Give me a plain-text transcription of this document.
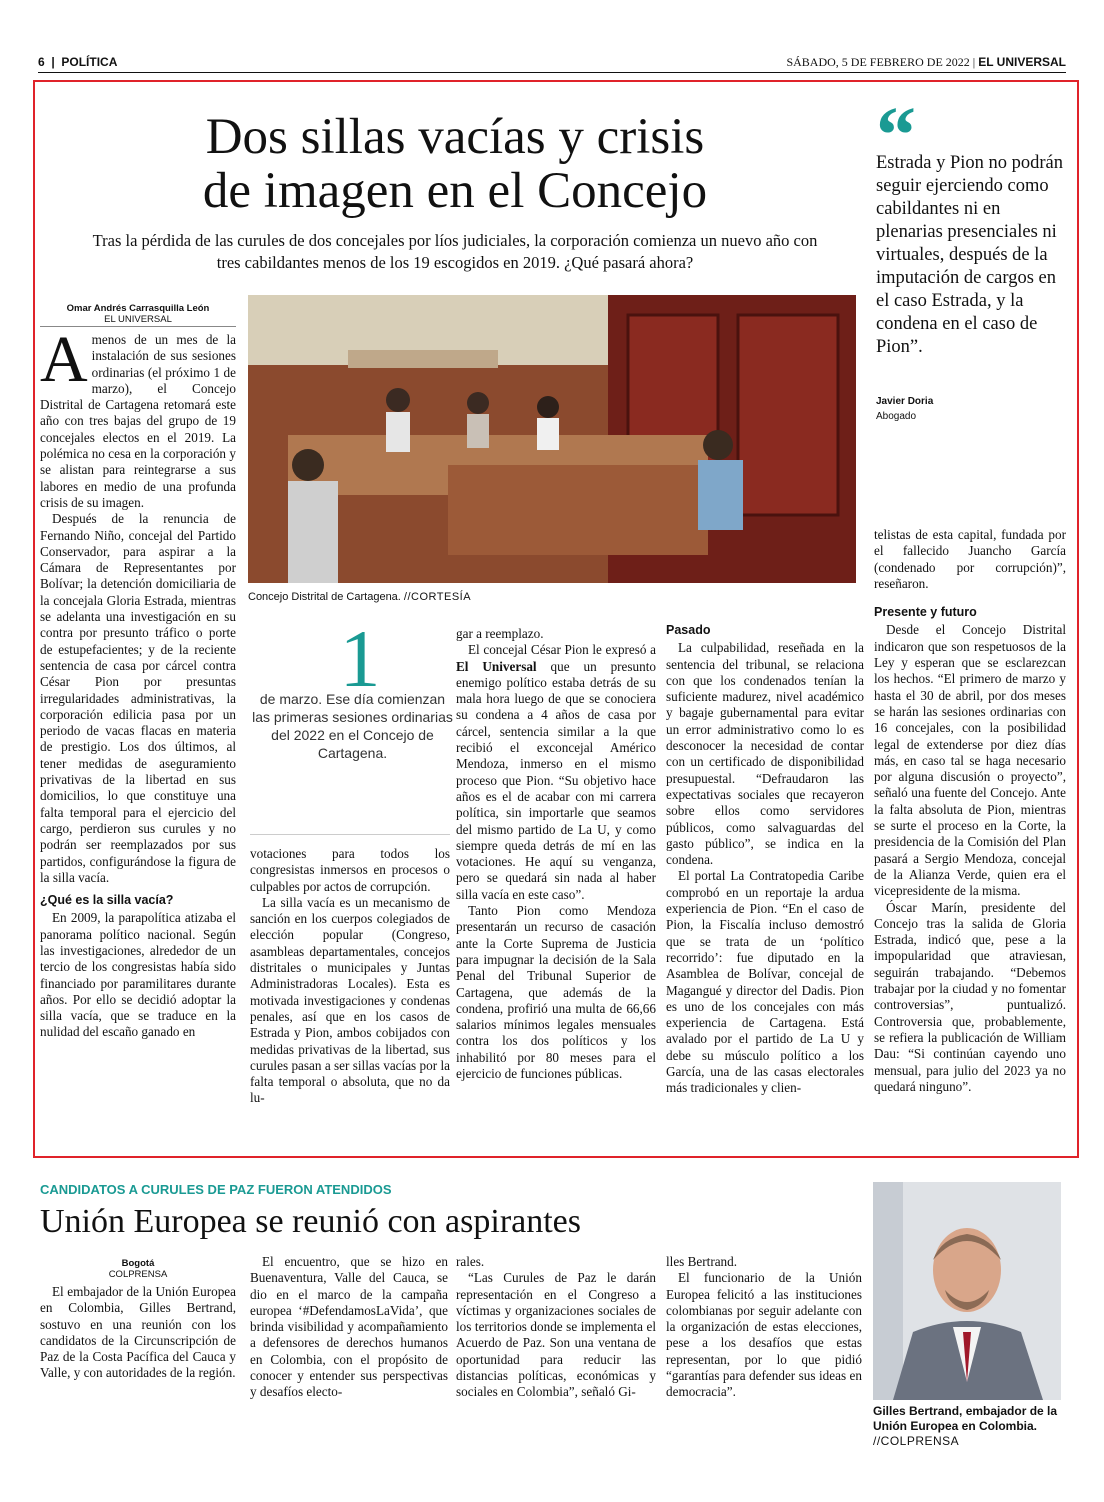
6  |  POLÍTICA	SÁBADO, 5 DE FEBRERO DE 2022 | EL UNIVERSAL
Dos sillas vacías y crisis
de imagen en el Concejo
Tras la pérdida de las curules de dos concejales por líos judiciales, la corporación comienza un nuevo año con tres cabildantes menos de los 19 escogidos en 2019. ¿Qué pasará ahora?
“
Estrada y Pion no podrán seguir ejerciendo como cabildantes ni en plenarias presenciales ni virtuales, después de la imputación de cargos en el caso Estrada, y la condena en el caso de Pion”.
Javier Doria
Abogado
Omar Andrés Carrasquilla León
EL UNIVERSAL

Amenos de un mes de la instalación de sus sesiones ordinarias (el próximo 1 de marzo), el Concejo Distrital de Cartagena retomará este año con tres bajas del grupo de 19 concejales electos en el 2019. La polémica no cesa en la corporación y se alistan para reintegrarse a sus labores en medio de una profunda crisis de su imagen.

Después de la renuncia de Fernando Niño, concejal del Partido Conservador, para aspirar a la Cámara de Representantes por Bolívar; la detención domiciliaria de la concejala Gloria Estrada, mientras se adelanta una investigación en su contra por presunto tráfico o porte de estupefacientes; y de la reciente sentencia de casa por cárcel contra César Pion por presuntas irregularidades administrativas, la corporación edilicia pasa por un periodo de vacas flacas en materia de prestigio. Los dos últimos, al tener medidas de aseguramiento privativas de la libertad en sus domicilios, lo que constituye una falta temporal para el ejercicio del cargo, perdieron sus curules y no podrán ser reemplazados por sus partidos, configurándose la figura de la silla vacía.

¿Qué es la silla vacía?

En 2009, la parapolítica atizaba el panorama político nacional. Según las investigaciones, alrededor de un tercio de los congresistas había sido financiado por paramilitares durante años. Por ello se decidió adoptar la silla vacía, que se traduce en la nulidad del escaño ganado en

Concejo Distrital de Cartagena. //CORTESÍA
1
de marzo. Ese día comienzan las primeras sesiones ordinarias del 2022 en el Concejo de Cartagena.

votaciones para todos los congresistas inmersos en procesos o culpables por actos de corrupción.

La silla vacía es un mecanismo de sanción en los cuerpos colegiados de elección popular (Congreso, asambleas departamentales, concejos distritales o municipales y Juntas Administradoras Locales). Esta es motivada investigaciones y condenas penales, así que en los casos de Estrada y Pion, ambos cobijados con medidas privativas de la libertad, sus curules pasan a ser sillas vacías por la falta temporal o absoluta, que no da lu-

gar a reemplazo.

El concejal César Pion le expresó a El Universal que un presunto enemigo político estaba detrás de su mala hora luego de que se conociera su condena a 4 años de casa por cárcel, sentencia similar a la que recibió el exconcejal Américo Mendoza, inmerso en el mismo proceso que Pion. “Su objetivo hace años es el de acabar con mi carrera política, sin importarle que seamos del mismo partido de La U, y como siempre queda detrás de mí en las votaciones. He aquí su venganza, pero se quedará sin nada al haber silla vacía en este caso”.

Tanto Pion como Mendoza presentarán un recurso de casación ante la Corte Suprema de Justicia para impugnar la decisión de la Sala Penal del Tribunal Superior de Cartagena, que además de la condena, profirió una multa de 66,66 salarios mínimos legales mensuales contra los dos políticos y los inhabilitó por 80 meses para el ejercicio de funciones públicas.

Pasado

La culpabilidad, reseñada en la sentencia del tribunal, se relaciona con que los condenados tenían la suficiente madurez, nivel académico y bagaje gubernamental para evitar un error administrativo como lo es desconocer la necesidad de contar con un certificado de disponibilidad presupuestal. “Defraudaron las expectativas sociales que recayeron sobre ellos como servidores públicos, como salvaguardas del gasto público”, se indica en la condena.

El portal La Contratopedia Caribe comprobó en un reportaje la ardua experiencia de Pion. “En el caso de Pion, la Fiscalía incluso demostró que se trata de un ‘político recorrido’: fue diputado en la Asamblea de Bolívar, concejal de Magangué y director del Dadis. Pion es uno de los concejales con más experiencia de Cartagena. Está avalado por el partido de La U y debe su músculo político a los García, una de las casas electorales más tradicionales y clien-

telistas de esta capital, fundada por el fallecido Juancho García (condenado por corrupción)”, reseñaron.

Presente y futuro

Desde el Concejo Distrital indicaron que son respetuosos de la Ley y esperan que se esclarezcan los hechos. “El primero de marzo y hasta el 30 de abril, por dos meses se harán las sesiones ordinarias con 16 concejales, con la posibilidad legal de extenderse por diez días más, en caso tal se haga necesario por alguna discusión o proyecto”, señaló una fuente del Concejo. Ante la falta absoluta de Pion, mientras se surte el proceso en la Corte, la presidencia de la Comisión del Plan pasará a Sergio Mendoza, concejal de la Alianza Verde, quien era el vicepresidente de la misma.

Óscar Marín, presidente del Concejo tras la salida de Gloria Estrada, indicó que, pese a la impopularidad que atraviesan, seguirán trabajando. “Debemos trabajar por la ciudad y no fomentar controversias”, puntualizó. Controversia que, probablemente, se refiera la publicación de William Dau: “Si continúan cayendo uno mensual, para julio del 2023 ya no quedará ninguno”.

CANDIDATOS A CURULES DE PAZ FUERON ATENDIDOS
Unión Europea se reunió con aspirantes
Bogotá
COLPRENSA

El embajador de la Unión Europea en Colombia, Gilles Bertrand, sostuvo en una reunión con los candidatos de la Circunscripción de Paz de la Costa Pacífica del Cauca y Valle, y con autoridades de la región.

El encuentro, que se hizo en Buenaventura, Valle del Cauca, se dio en el marco de la campaña europea ‘#DefendamosLaVida’, que brinda visibilidad y acompañamiento a defensores de derechos humanos en Colombia, con el propósito de conocer y entender sus perspectivas y desafíos electo-

rales.

“Las Curules de Paz le darán representación en el Congreso a víctimas y organizaciones sociales de los territorios donde se implementa el Acuerdo de Paz. Son una ventana de oportunidad para reducir las distancias políticas, económicas y sociales en Colombia”, señaló Gi-

lles Bertrand.

El funcionario de la Unión Europea felicitó a las instituciones colombianas por seguir adelante con la organización de estas elecciones, pese a los desafíos que estas representan, por lo que pidió “garantías para defender sus ideas en democracia”.

Gilles Bertrand, embajador de la Unión Europea en Colombia.
//COLPRENSA
